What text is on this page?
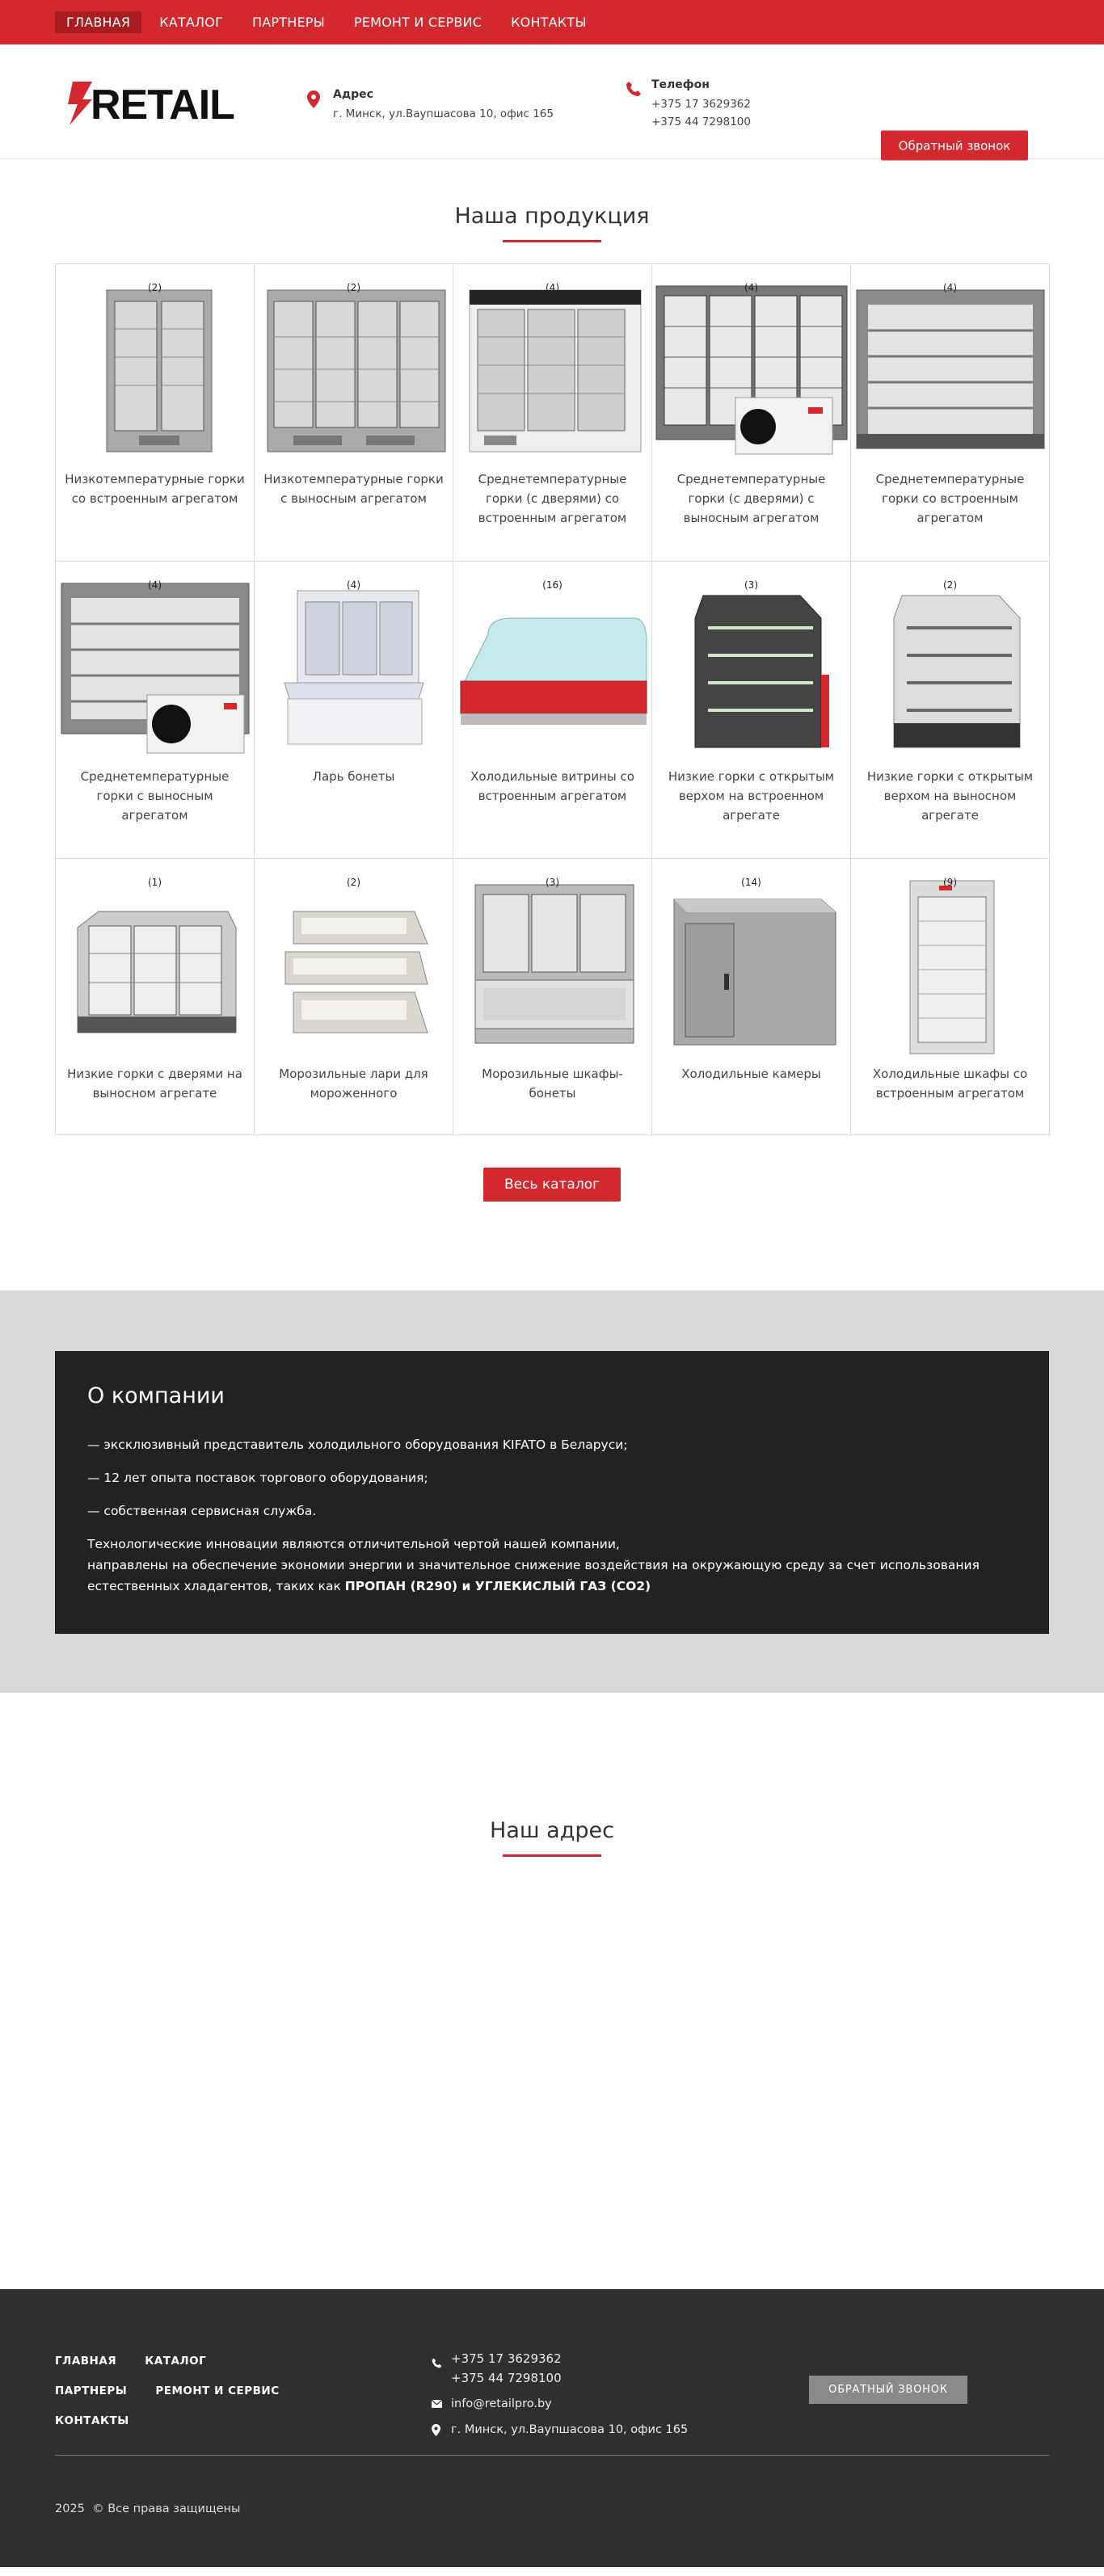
ГЛАВНАЯ	КАТАЛОГ	ПАРТНЕРЫ	РЕМОНТ И СЕРВИС	КОНТАКТЫ
RETAIL	Адрес
г. Минск, ул.Ваупшасова 10, офис 165
Телефон
+375 17 3629362
+375 44 7298100
Обратный звонок
Наша продукция
(2)
Низкотемпературные горки со встроенным агрегатом
(2)
Низкотемпературные горки с выносным агрегатом
(4)
Среднетемпературные горки (с дверями) со встроенным агрегатом
(4)
Среднетемпературные горки (с дверями) с выносным агрегатом
(4)
Среднетемпературные горки со встроенным агрегатом
(4)
Среднетемпературные горки с выносным агрегатом
(4)
Ларь бонеты
(16)
Холодильные витрины со встроенным агрегатом
(3)
Низкие горки с открытым верхом на встроенном агрегате
(2)
Низкие горки с открытым верхом на выносном агрегате
(1)
Низкие горки с дверями на выносном агрегате
(2)
Морозильные лари для мороженного
(3)
Морозильные шкафы-бонеты
(14)
Холодильные камеры
(9)
Холодильные шкафы со встроенным агрегатом
Весь каталог
О компании

— эксклюзивный представитель холодильного оборудования KIFATO в Беларуси;

— 12 лет опыта поставок торгового оборудования;

— собственная сервисная служба.

Технологические инновации являются отличительной чертой нашей компании,
направлены на обеспечение экономии энергии и значительное снижение воздействия на окружающую среду за счет использования
естественных хладагентов, таких как ПРОПАН (R290) и УГЛЕКИСЛЫЙ ГАЗ (CO2)

Наш адрес
ГЛАВНАЯ	КАТАЛОГ ПАРТНЕРЫ	РЕМОНТ И СЕРВИС КОНТАКТЫ
+375 17 3629362
+375 44 7298100
info@retailpro.by
г. Минск, ул.Ваупшасова 10, офис 165
ОБРАТНЫЙ ЗВОНОК
2025 © Все права защищены
